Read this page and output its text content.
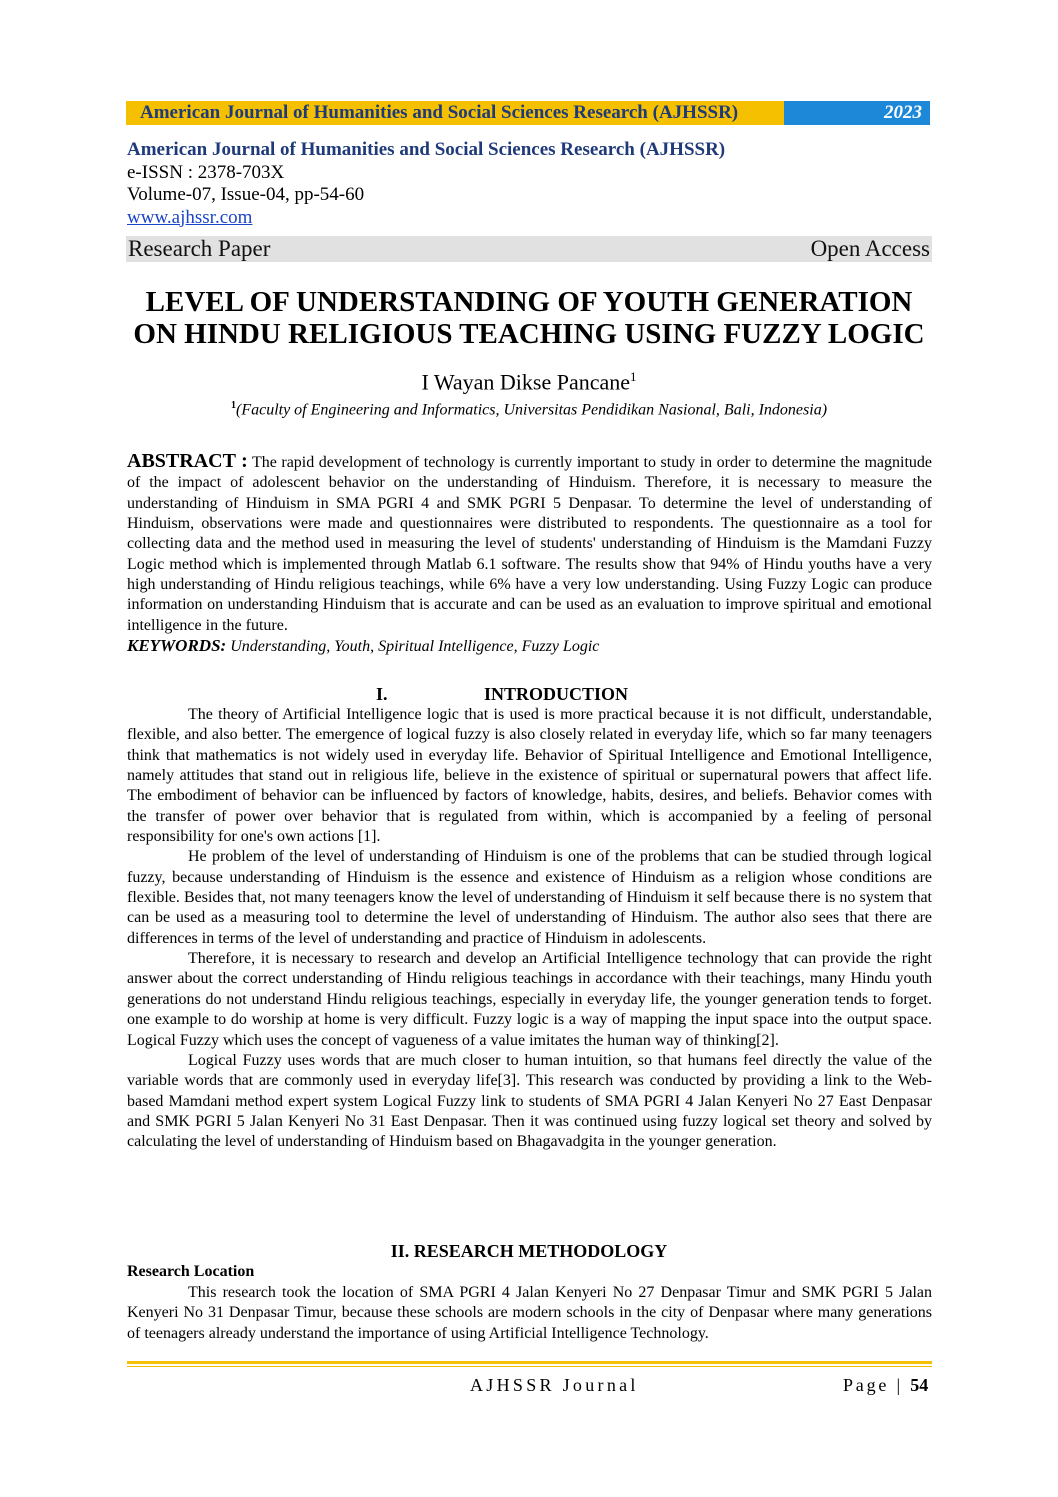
American Journal of Humanities and Social Sciences Research (AJHSSR)	2023
American Journal of Humanities and Social Sciences Research (AJHSSR)
e-ISSN : 2378-703X
Volume-07, Issue-04, pp-54-60
www.ajhssr.com
Research Paper	Open Access
LEVEL OF UNDERSTANDING OF YOUTH GENERATION
ON HINDU RELIGIOUS TEACHING USING FUZZY LOGIC
I Wayan Dikse Pancane$^1$
$^1$(Faculty of Engineering and Informatics, Universitas Pendidikan Nasional, Bali, Indonesia)
ABSTRACT : The rapid development of technology is currently important to study in order to determine the magnitude of the impact of adolescent behavior on the understanding of Hinduism. Therefore, it is necessary to measure the understanding of Hinduism in SMA PGRI 4 and SMK PGRI 5 Denpasar. To determine the level of understanding of Hinduism, observations were made and questionnaires were distributed to respondents. The questionnaire as a tool for collecting data and the method used in measuring the level of students' understanding of Hinduism is the Mamdani Fuzzy Logic method which is implemented through Matlab 6.1 software. The results show that 94% of Hindu youths have a very high understanding of Hindu religious teachings, while 6% have a very low understanding. Using Fuzzy Logic can produce information on understanding Hinduism that is accurate and can be used as an evaluation to improve spiritual and emotional intelligence in the future.
KEYWORDS: Understanding, Youth, Spiritual Intelligence, Fuzzy Logic
I.	INTRODUCTION

The theory of Artificial Intelligence logic that is used is more practical because it is not difficult, understandable, flexible, and also better. The emergence of logical fuzzy is also closely related in everyday life, which so far many teenagers think that mathematics is not widely used in everyday life. Behavior of Spiritual Intelligence and Emotional Intelligence, namely attitudes that stand out in religious life, believe in the existence of spiritual or supernatural powers that affect life. The embodiment of behavior can be influenced by factors of knowledge, habits, desires, and beliefs. Behavior comes with the transfer of power over behavior that is regulated from within, which is accompanied by a feeling of personal responsibility for one's own actions [1].

He problem of the level of understanding of Hinduism is one of the problems that can be studied through logical fuzzy, because understanding of Hinduism is the essence and existence of Hinduism as a religion whose conditions are flexible. Besides that, not many teenagers know the level of understanding of Hinduism it self because there is no system that can be used as a measuring tool to determine the level of understanding of Hinduism. The author also sees that there are differences in terms of the level of understanding and practice of Hinduism in adolescents.

Therefore, it is necessary to research and develop an Artificial Intelligence technology that can provide the right answer about the correct understanding of Hindu religious teachings in accordance with their teachings, many Hindu youth generations do not understand Hindu religious teachings, especially in everyday life, the younger generation tends to forget. one example to do worship at home is very difficult. Fuzzy logic is a way of mapping the input space into the output space. Logical Fuzzy which uses the concept of vagueness of a value imitates the human way of thinking[2].

Logical Fuzzy uses words that are much closer to human intuition, so that humans feel directly the value of the variable words that are commonly used in everyday life[3]. This research was conducted by providing a link to the Web-based Mamdani method expert system Logical Fuzzy link to students of SMA PGRI 4 Jalan Kenyeri No 27 East Denpasar and SMK PGRI 5 Jalan Kenyeri No 31 East Denpasar. Then it was continued using fuzzy logical set theory and solved by calculating the level of understanding of Hinduism based on Bhagavadgita in the younger generation.

II. RESEARCH METHODOLOGY
Research Location

This research took the location of SMA PGRI 4 Jalan Kenyeri No 27 Denpasar Timur and SMK PGRI 5 Jalan Kenyeri No 31 Denpasar Timur, because these schools are modern schools in the city of Denpasar where many generations of teenagers already understand the importance of using Artificial Intelligence Technology.

AJHSSR Journal	Page | 54
